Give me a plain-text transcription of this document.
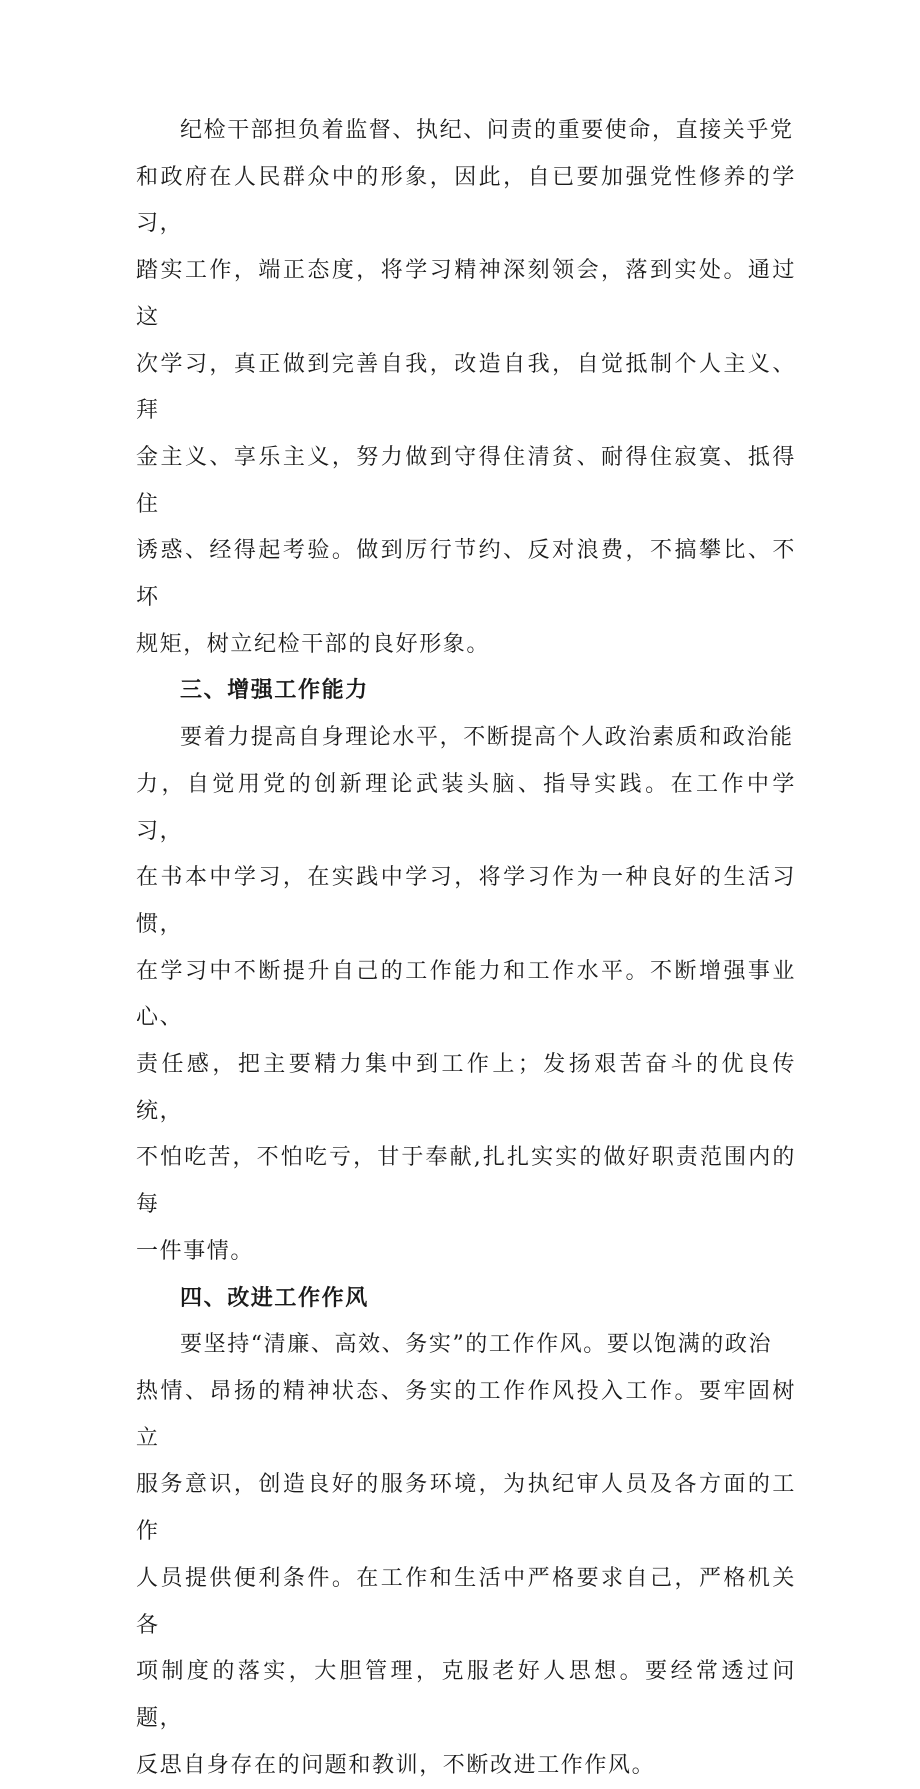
纪检干部担负着监督、执纪、问责的重要使命，直接关乎党
和政府在人民群众中的形象，因此，自已要加强党性修养的学习，
踏实工作，端正态度，将学习精神深刻领会，落到实处。通过这
次学习，真正做到完善自我，改造自我，自觉抵制个人主义、拜
金主义、享乐主义，努力做到守得住清贫、耐得住寂寞、抵得住
诱惑、经得起考验。做到厉行节约、反对浪费，不搞攀比、不坏
规矩，树立纪检干部的良好形象。

三、增强工作能力

要着力提高自身理论水平，不断提高个人政治素质和政治能
力，自觉用党的创新理论武装头脑、指导实践。在工作中学习，
在书本中学习，在实践中学习，将学习作为一种良好的生活习惯，
在学习中不断提升自己的工作能力和工作水平。不断增强事业心、
责任感，把主要精力集中到工作上；发扬艰苦奋斗的优良传统，
不怕吃苦，不怕吃亏，甘于奉献,扎扎实实的做好职责范围内的每
一件事情。

四、改进工作作风

要坚持“清廉、高效、务实”的工作作风。要以饱满的政治
热情、昂扬的精神状态、务实的工作作风投入工作。要牢固树立
服务意识，创造良好的服务环境，为执纪审人员及各方面的工作
人员提供便利条件。在工作和生活中严格要求自己，严格机关各
项制度的落实，大胆管理，克服老好人思想。要经常透过问题，
反思自身存在的问题和教训，不断改进工作作风。
